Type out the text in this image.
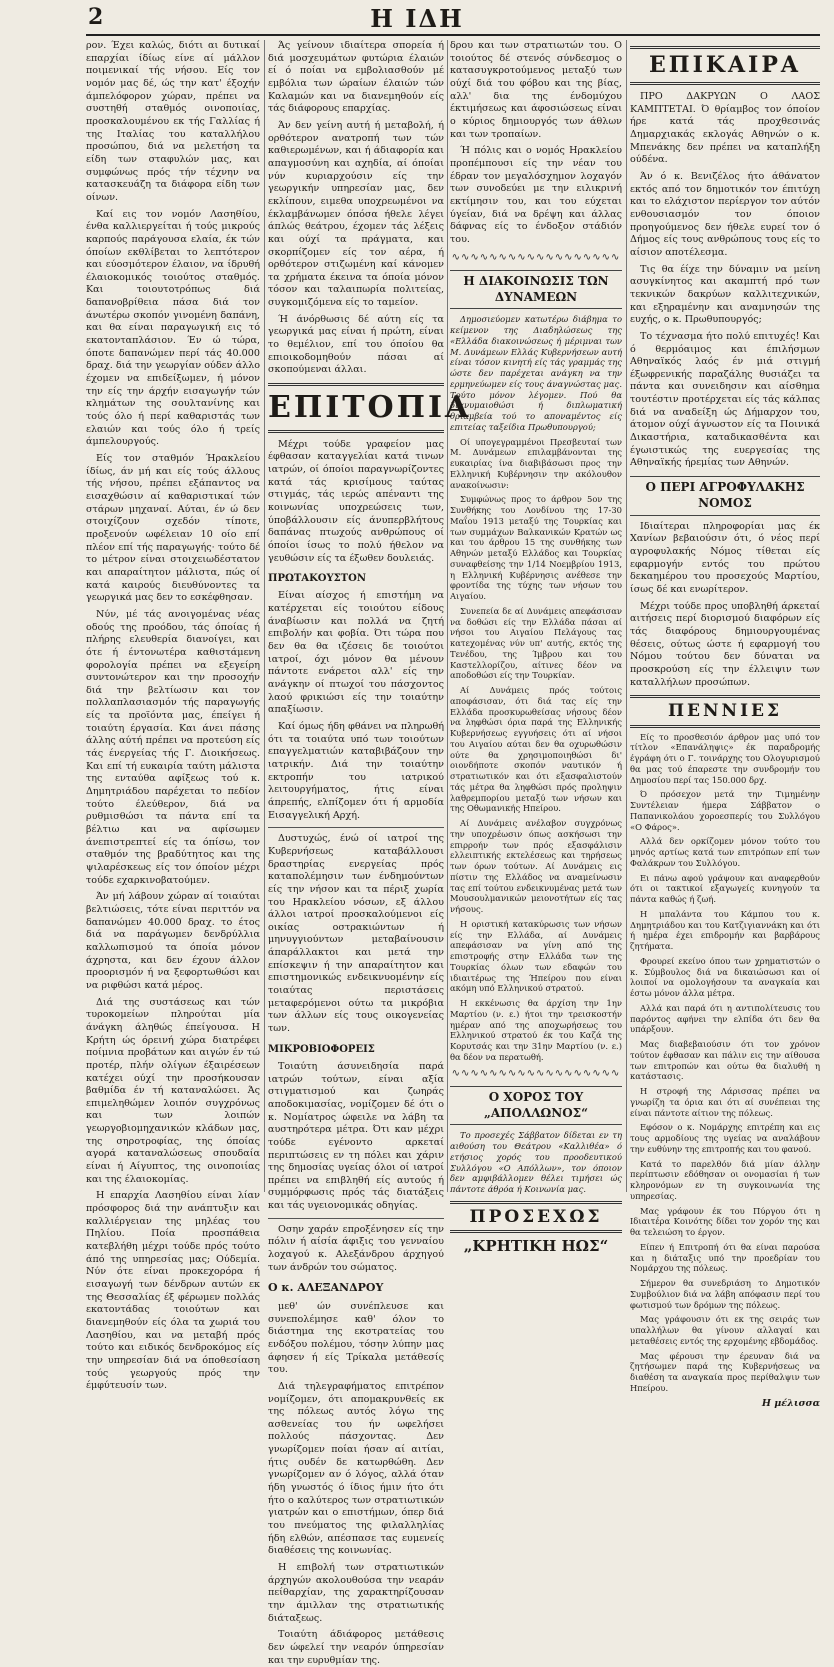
2	Η ΙΔΗ

ρον. Έχει καλώς, διότι αι δυτικαί επαρχίαι ίδίως είνε αί μάλλον ποιμενικαί τής νήσου. Είς τον νομόν μας δέ, ώς την κατ' έξοχήν άμπελόφορον χώραν, πρέπει να συστηθή σταθμός οινοποιίας, προσκαλουμένου εκ τής Γαλλίας ή της Ιταλίας του καταλλήλου προσώπου, διά να μελετήση τα είδη των σταφυλών μας, και συμφώνως πρός τήν τέχνην να κατασκευάζη τα διάφορα είδη των οίνων.

Καί εις τον νομόν Λασηθίου, ένθα καλλιεργείται ή τούς μικρούς καρπούς παράγουσα ελαία, έκ τών όποίων εκθλίβεται το λεπτότερον και εύοσμότερον έλαιον, να ίδρυθή έλαιοκομικός τοιούτος σταθμός. Και τοιουτοτρόπως διά δαπανοβρίθεια πάσα διά τον άνωτέρω σκοπόν γινομένη δαπάνη, και θα είναι παραγωγική εις τό εκατονταπλάσιον. Έν ώ τώρα, όποτε δαπανώμεν περί τάς 40.000 δραχ. διά την γεωργίαν ούδεν άλλο έχομεν να επιδείξωμεν, ή μόνον την είς την άρχήν εισαγωγήν τών κλημάτων της σουλτανίνης και τούς όλο ή περί καθαριστάς των ελαιών και τούς όλο ή τρείς άμπελουργούς.

Είς τον σταθμόν Ήρακλείου ίδίως, άν μή και είς τούς άλλους τής νήσου, πρέπει εξάπαντος να εισαχθώσιν αί καθαριστικαί τών στάρων μηχαναί. Αύται, έν ώ δεν στοιχίζουν σχεδόν τίποτε, προξενούν ωφέλειαν 10 οίο επί πλέον επί τής παραγωγής· τούτο δέ το μέτρον είναι στοιχειωδέστατον και απαραίτητον μάλιστα, πώς οί κατά καιρούς διευθύνοντες τα γεωργικά μας δεν το εσκέφθησαν.

Νύν, μέ τάς ανοιγομένας νέας οδούς της προόδου, τάς όποίας ή πλήρης ελευθερία διανοίγει, και ότε ή έντονωτέρα καθιστάμενη φορολογία πρέπει να εξεγείρη συντονώτερον και την προσοχήν διά την βελτίωσιν και τον πολλαπλασιασμόν τής παραγωγής είς τα προϊόντα μας, έπείγει ή τοιαύτη έργασία. Και άνει πάσης άλλης αύτή πρέπει να προτεύση είς τάς ένεργείας τής Γ. Διοικήσεως. Και επί τή ευκαιρία ταύτη μάλιστα της ενταύθα αφίξεως τού κ. Δημητριάδου παρέχεται το πεδίον τούτο έλεύθερον, διά να ρυθμισθώσι τα πάντα επί τα βέλτιω και να αφίσωμεν άνεπιστρεπτεί είς τα όπίσω, τον σταθμόν της βραδύτητος και της ψιλαρέσκεως είς τον όποίον μέχρι τούδε εχαρκινοβατούμεν.

Άν μή λάβουν χώραν αί τοιαύται βελτιώσεις, τότε είναι περιττόν να δαπανώμεν 40.000 δραχ. το έτος διά να παράγωμεν δενδρύλλια καλλωπισμού τα όποία μόνον άχρηστα, και δεν έχουν άλλον προορισμόν ή να ξεφορτωθώσι και να ριφθώσι κατά μέρος.

Διά της συστάσεως και τών τυροκομείων πληρούται μία άνάγκη άληθώς έπείγουσα. Η Κρήτη ώς όρεινή χώρα διατρέφει ποίμνια προβάτων και αιγών έν τώ προτέρ, πλήν ολίγων έξαιρέσεων κατέχει ούχί την προσήκουσαν βαθμίδα έν τή καταναλώσει. Άς επιμεληθώμεν λοιπόν συγχρόνως και των λοιπών γεωργοβιομηχανικών κλάδων μας, της σηροτροφίας, της όποίας αγορά καταναλώσεως σπουδαία είναι ή Αίγυπτος, της οινοποιίας και της έλαιοκομίας.

Η επαρχία Λασηθίου είναι λίαν πρόσφορος διά την ανάπτυξιν και καλλιέργειαν της μηλέας του Πηλίου. Ποία προσπάθεια κατεβλήθη μέχρι τούδε πρός τούτο άπό της υπηρεσίας μας; Ούδεμία. Νύν ότε είναι προκεχορόρα ή εισαγωγή των δένδρων αυτών εκ της Θεσσαλίας έξ φέρωμεν πολλάς εκατοντάδας τοιούτων και διανεμηθούν είς όλα τα χωριά του Λασηθίου, και να μεταβή πρός τούτο και ειδικός δενδροκόμος είς την υπηρεσίαν διά να όποθεσίαση τούς γεωργούς πρός την έμφύτευσίν των.

Άς γείνουν ιδιαίτερα σπορεία ή διά μοσχευμάτων φυτώρια έλαιών εί ό ποίαι να εμβολιασθούν μέ εμβόλια των ώραίων έλαιών τών Καλαμών και να διανεμηθούν είς τάς διάφορους επαρχίας.

Άν δεν γείνη αυτή ή μεταβολή, ή ορθότερον ανατροπή των τών καθιερωμένων, και ή άδιαφορία και απαγμοσύνη και αχηδία, αί όποίαι νύν κυριαρχούσιν είς την γεωργικήν υπηρεσίαν μας, δεν εκλίπουν, ειμεθα υποχρεωμένοι να έκλαμβάνωμεν όπόσα ήθελε λέγει άπλώς θεάτρου, έχομεν τάς λέξεις και ούχί τα πράγματα, και σκορπίζομεν είς τον αέρα, ή ορθότερον στιζωμένη καί κάνομεν τα χρήματα έκεινα τα όποία μόνον τόσον και ταλαιπωρία πολιτείας, συγκομιζόμενα είς το ταμείον.

Ή άνόρθωσις δέ αύτη είς τα γεωργικά μας είναι ή πρώτη, είναι το θεμέλιον, επί του όποίου θα επιοικοδομηθούν πάσαι αί σκοπούμεναι άλλαι.

ΕΠΙΤΟΠΙΑ

Μέχρι τούδε γραφείον μας έφθασαν καταγγελίαι κατά τινων ιατρών, οί όποίοι παραγνωρίζοντες κατά τάς κρισίμους ταύτας στιγμάς, τάς ιερώς απέναντι της κοινωνίας υποχρεώσεις των, ύποβάλλουσιν είς άνυπερβλήτους δαπάνας πτωχούς ανθρώπους οί όποίοι ίσως το πολύ ήθελον να γευθώσιν είς τα έξωθεν δουλειάς.

ΠΡΩΤΑΚΟΥΣΤΟΝ

Είναι αίσχος ή επιστήμη να κατέρχεται είς τοιούτου είδους άναβίωσιν και πολλά να ζητή επιβολήν και φοβία. Ότι τώρα που δεν θα θα ιζέσεις δε τοιούτοι ιατροί, όχι μόνον θα μένουν πάντοτε ενάρετοι αλλ' είς την ανάγκην οί πτωχοί του πάσχοντος λαού φρικιώσι είς την τοιαύτην απαξίωσιν.

Καί όμως ήδη φθάνει να πληρωθή ότι τα τοιαύτα υπό των τοιούτων επαγγελματιών καταβιβάζουν την ιατρικήν. Διά την τοιαύτην εκτροπήν του ιατρικού λειτουργήματος, ήτις είναι άπρεπής, ελπίζομεν ότι ή αρμοδία Εισαγγελική Αρχή.

Δυστυχώς, ένώ οί ιατροί της Κυβερνήσεως καταβάλλουσι δραστηρίας ενεργείας πρός καταπολέμησιν των ένδημούντων είς την νήσον και τα πέριξ χωρία του Ηρακλείου νόσων, εξ άλλου άλλοι ιατροί προσκαλούμενοι είς οικίας οστρακιώντων ή μηνυγγιούντων μεταβαίνουσιν άπαράλλακτοι και μετά την επίσκεψιν ή την απαραίτητον και επιστημονικώς ενδεικνυομένην είς τοιαύτας περιστάσεις μεταφερόμενοι ούτω τα μικρόβια των άλλων είς τους οικογενείας των.

ΜΙΚΡΟΒΙΟΦΟΡΕΙΣ

Τοιαύτη άσυνειδησία παρά ιατρών τούτων, είναι αξία στιγματισμού και ζωηράς αποδοκιμασίας, νομίζομεν δέ ότι ο κ. Νομίατρος ώφειλε να λάβη τα αυστηρότερα μέτρα. Ότι καν μέχρι τούδε εγένοντο αρκεταί περιπτώσεις εν τη πόλει και χάριν της δημοσίας υγείας όλοι οί ιατροί πρέπει να επιβληθή είς αυτούς ή συμμόρφωσις πρός τάς διατάξεις και τάς υγειονομικάς οδηγίας.

Οσην χαράν επροξένησεν είς την πόλιν ή αίσία άφιξις του γενναίου λοχαγού κ. Αλεξάνδρου άρχηγού των άνδρών του σώματος.

Ο κ. ΑΛΕΞΑΝΔΡΟΥ

μεθ' ών συνέπλευσε και συνεπολέμησε καθ' όλον το διάστημα της εκστρατείας του ενδόξου πολέμου, τόσην λύπην μας άφησεν ή είς Τρίκαλα μετάθεσίς του.

Διά τηλεγραφήματος επιτρέπον νομίζομεν, ότι απομακρυνθείς εκ της πόλεως αυτός λόγω της ασθενείας του ήν ωφελήσει πολλούς πάσχοντας. Δεν γνωρίζομεν ποίαι ήσαν αί αιτίαι, ήτις ουδέν δε κατωρθώθη. Δεν γνωρίζομεν αν ό λόγος, αλλά όταν ήδη γνωστός ό ίδιος ήμιν ήτο ότι ήτο ο καλύτερος των στρατιωτικών γιατρών και ο επιστήμων, όπερ διά του πνεύματος της φιλαλληλίας ήδη ελθών, απέσπασε τας ευμενείς διαθέσεις της κοινωνίας.

Η επιβολή των στρατιωτικών άρχηγών ακολουθούσα την νεαράν πείθαρχίαν, της χαρακτηρίζουσαν την άμιλλαν της στρατιωτικής διάταξεως.

Τοιαύτη άδιάφορος μετάθεσις δεν ώφελεί την νεαρόν ύπηρεσίαν και την ευρυθμίαν της.

δρου και των στρατιωτών του. Ο τοιούτος δέ στενός σύνδεσμος ο κατασυγκροτούμενος μεταξύ των ούχί διά του φόβου και της βίας, αλλ' δια της ένδομύχου έκτιμήσεως και άφοσιώσεως είναι ο κύριος δημιουργός των άθλων και των τροπαίων.

Ή πόλις και ο νομός Ηρακλείου προπέμπουσι είς την νέαν του έδραν τον μεγαλόσχημον λοχαγόν των συνοδεύει με την ειλικρινή εκτίμησιν του, και του εύχεται ύγείαν, διά να δρέψη και άλλας δάφνας είς το ένδοξον στάδιόν του.

∿∿∿∿∿∿∿∿∿∿∿∿∿∿∿∿∿∿
Η ΔΙΑΚΟΙΝΩΣΙΣ ΤΩΝ ΔΥΝΑΜΕΩΝ

Δημοσιεύομεν κατωτέρω διάβημα το κείμενον της Διαδηλώσεως της «Ελλάδα διακοινώσεως ή μέριμναι των Μ. Δυνάμεων Ελλάς Κυβερνήσεων αυτή είναι τόσον κινητή είς τάς γραμμάς της ώστε δεν παρέχεται ανάγκη να την ερμηνεύωμεν είς τους άναγνώστας μας. Τούτο μόνον λέγομεν. Πού θα διανυμαιοθώσι ή διπλωματική θριαμβεία τού το αποναμέντος είς επιτείας ταξείδια Πρωθυπουργού;

Οί υπογεγραμμένοι Πρεσβευταί των Μ. Δυνάμεων επιλαμβάνονται της ευκαιρίας ίνα διαβιβάσωσι προς την Ελληνική Κυβέρνησιν την ακόλουθον ανακοίνωσιν:

Συμφώνως προς το άρθρον 5ον της Συνθήκης του Λονδίνου της 17-30 Μαΐου 1913 μεταξύ της Τουρκίας και των συμμάχων Βαλκανικών Κρατών ως και του άρθρου 15 της συνθήκης των Αθηνών μεταξύ Ελλάδος και Τουρκίας συναφθείσης την 1/14 Νοεμβρίου 1913, η Ελληνική Κυβέρνησις ανέθεσε την φροντίδα της τύχης των νήσων του Αιγαίου.

Συνεπεία δε αί Δυνάμεις απεφάσισαν να δοθώσι είς την Ελλάδα πάσαι αί νήσοι του Αιγαίου Πελάγους τας κατεχομένας νύν υπ' αυτής, εκτός της Τενέδου, της Ίμβρου και του Καστελλορίζου, αίτινες δέον να αποδοθώσι είς την Τουρκίαν.

Αί Δυνάμεις πρός τούτοις αποφάσισαν, ότι διά τας είς την Ελλάδα προσκυρωθείσας νήσους δέον να ληφθώσι όρια παρά της Ελληνικής Κυβερνήσεως εγγυήσεις ότι αί νήσοι του Αιγαίου αύται δεν θα οχυρωθώσιν ούτε θα χρησιμοποιηθώσι δι' οιονδήποτε σκοπόν ναυτικόν ή στρατιωτικόν και ότι εξασφαλιστούν τάς μέτρα θα ληφθώσι πρός προληψιν λαθρεμπορίου μεταξύ των νήσων και της Οθωμανικής Ηπείρου.

Αί Δυνάμεις ανέλαβον συγχρόνως την υποχρέωσιν όπως ασκήσωσι την επιρροήν των πρός εξασφάλισιν ελλειπτικής εκτελέσεως και τηρήσεως των όρων τούτων. Αί Δυνάμεις εις πίστιν της Ελλάδος να αναμείνωσιν τας επί τούτου ενδεικνυμένας μετά των Μουσουλμανικών μειονοτήτων είς τας νήσους.

Η οριστική κατακύρωσις των νήσων είς την Ελλάδα, αί Δυνάμεις απεφάσισαν να γίνη από της επιστροφής στην Ελλάδα των της Τουρκίας όλων των εδαφών του ιδιαιτέρως της Ήπείρου που είναι ακόμη υπό Ελληνικού στρατού.

Η εκκένωσις θα άρχίση την 1ην Μαρτίου (ν. ε.) ήτοι την τρεισκοστήν ημέραν από της αποχωρήσεως του Ελληνικού στρατού έκ του Καζά της Κορυτσάς και την 31ην Μαρτίου (ν. ε.) θα δέον να περατωθή.

∿∿∿∿∿∿∿∿∿∿∿∿∿∿∿∿∿∿
Ο ΧΟΡΟΣ ΤΟΥ „ΑΠΟΛΛΩΝΟΣ“

Το προσεχές Σάββατον δίδεται εν τη αιθούση του Θεάτρου «Καλλιθέα» ό ετήσιος χορός του προοδευτικού Συλλόγου «Ο Απόλλων», τον όποιον δεν αμφιβάλλομεν θέλει τιμήσει ώς πάντοτε άθρόα ή Κοινωνία μας.

ΠΡΟΣΕΧΩΣ
„ΚΡΗΤΙΚΗ ΗΩΣ“
ΕΠΙΚΑΙΡΑ

ΠΡΟ ΔΑΚΡΥΩΝ Ο ΛΑΟΣ ΚΑΜΠΤΕΤΑΙ. Ό θρίαμβος τον όποίον ήρε κατά τάς προχθεσινάς Δημαρχιακάς εκλογάς Αθηνών ο κ. Μπενάκης δεν πρέπει να καταπλήξη ούδένα.

Άν ό κ. Βενιζέλος ήτο άθάνατον εκτός από τον δημοτικόν τον έπιτύχη και το ελάχιστον περίεργον τον αύτόν ενθουσιασμόν τον όποιον προηγούμενος δεν ήθελε ευρεί τον ό Δήμος είς τους ανθρώπους τους είς το αίσιον αποτέλεσμα.

Τις θα έίχε την δύναμιν να μείνη ασυγκίνητος και ακαμπτή πρό των τεκνικών δακρύων καλλιτεχνικών, και εξηραμένην και αναμνησών της ευχής, ο κ. Πρωθυπουργός;

Το τέχνασμα ήτο πολύ επιτυχές! Και ό θερμόαιμος και έπιλήσμων Αθηναϊκός λαός έν μιά στιγμή έξωφρενικής παραζάλης θυσιάζει τα πάντα και συνειδησιν και αίσθημα τουτέστιν προτέρχεται είς τάς κάλπας διά να αναδείξη ώς Δήμαρχον του, άτομον ούχί άγνωστον είς τα Ποινικά Δικαστήρια, καταδικασθέντα και έγωιστικώς της ευεργεσίας της Αθηναϊκής ήρεμίας των Αθηνών.

Ο ΠΕΡΙ ΑΓΡΟΦΥΛΑΚΗΣ ΝΟΜΟΣ

Ιδιαίτεραι πληροφορίαι μας έκ Χανίων βεβαιούσιν ότι, ό νέος περί αγροφυλακής Νόμος τίθεται είς εφαρμογήν εντός του πρώτου δεκαημέρου του προσεχούς Μαρτίου, ίσως δέ και ενωρίτερον.

Μέχρι τούδε προς υποβληθή άρκεταί αιτήσεις περί διορισμού διαφόρων είς τάς διαφόρους δημιουργουμένας θέσεις, ούτως ώστε ή εφαρμογή του Νόμου τούτου δεν δύναται να προσκρούση είς την έλλειψιν των καταλλήλων προσώπων.

ΠΕΝΝΙΕΣ

Είς το προσθεσιόν άρθρον μας υπό τον τίτλον «Επανάληψις» έκ παραδρομής έγράφη ότι ο Γ. τοινάρχης του Ολογυρισμού θα μας τού έπαρεστε την συνδρομήν του Δημοσίου περί τας 150.000 δρχ.

Ό πρόσεχον μετά την Τιμημένην Συντέλειαν ήμερα Σάββατον ο Παπανικολάου χοροεσπερίς του Συλλόγου «Ο Φάρος».

Αλλά δεν ορκίζομεν μόνον τούτο του μηνός αρτίως κατά των επιτρόπων επί των Φαλάκρων του Συλλόγου.

Ει πάνω αφού γράψουν και αναφερθούν ότι οι τακτικοί εξαγωγείς κυνηγούν τα πάντα καθώς ή ζωή.

Η μπαλάντα του Κάμπου του κ. Δημητριάδου και του Κατζιγιαννάκη και ότι ή ημέρα έχει επιδρομήν και βαρβάρους ζητήματα.

Φρουρεί εκείνο όπου των χρηματιστών ο κ. Σύμβουλος διά να δικαιώσωσι και οί λοιποί να ομολογήσουν τα αναγκαία και έστω μόνον άλλα μέτρα.

Αλλά και παρά ότι η αντιπολίτευσις του παρόντος αφήνει την ελπίδα ότι δεν θα υπάρξουν.

Μας διαβεβαιούσιν ότι τον χρόνον τούτον έφθασαν και πάλιν εις την αίθουσα των επιτροπών και ούτω θα διαλυθή η κατάστασις.

Η στροφή της Λάρισσας πρέπει να γνωρίζη τα όρια και ότι αί συνέπειαι της είναι πάντοτε αίτιον της πόλεως.

Εφόσον ο κ. Νομάρχης επιτρέπη και εις τους αρμοδίους της υγείας να αναλάβουν την ευθύνην της επιτροπής και του φανού.

Κατά το παρελθόν διά μίαν άλλην περίπτωσιν εδόθησαν οι ονομασίαι ή των κληρονόμων εν τη συγκοινωνία της υπηρεσίας.

Μας γράφουν έκ του Πύργου ότι η Ιδιαιτέρα Κοινότης δίδει τον χορόν της και θα τελειώση το έργον.

Είπεν ή Επιτροπή ότι θα είναι παρούσα και η διάταξις υπό την προεδρίαν του Νομάρχου της πόλεως.

Σήμερον θα συνεδριάση το Δημοτικόν Συμβούλιον διά να λάβη απόφασιν περί του φωτισμού των δρόμων της πόλεως.

Μας γράφουσιν ότι εκ της σειράς των υπαλλήλων θα γίνουν αλλαγαί και μεταθέσεις εντός της ερχομένης εβδομάδος.

Μας φέρουσι την έρευναν διά να ζητήσωμεν παρά της Κυβερνήσεως να διαθέση τα αναγκαία προς περίθαλψιν των Ηπείρου.

Η μέλισσα
